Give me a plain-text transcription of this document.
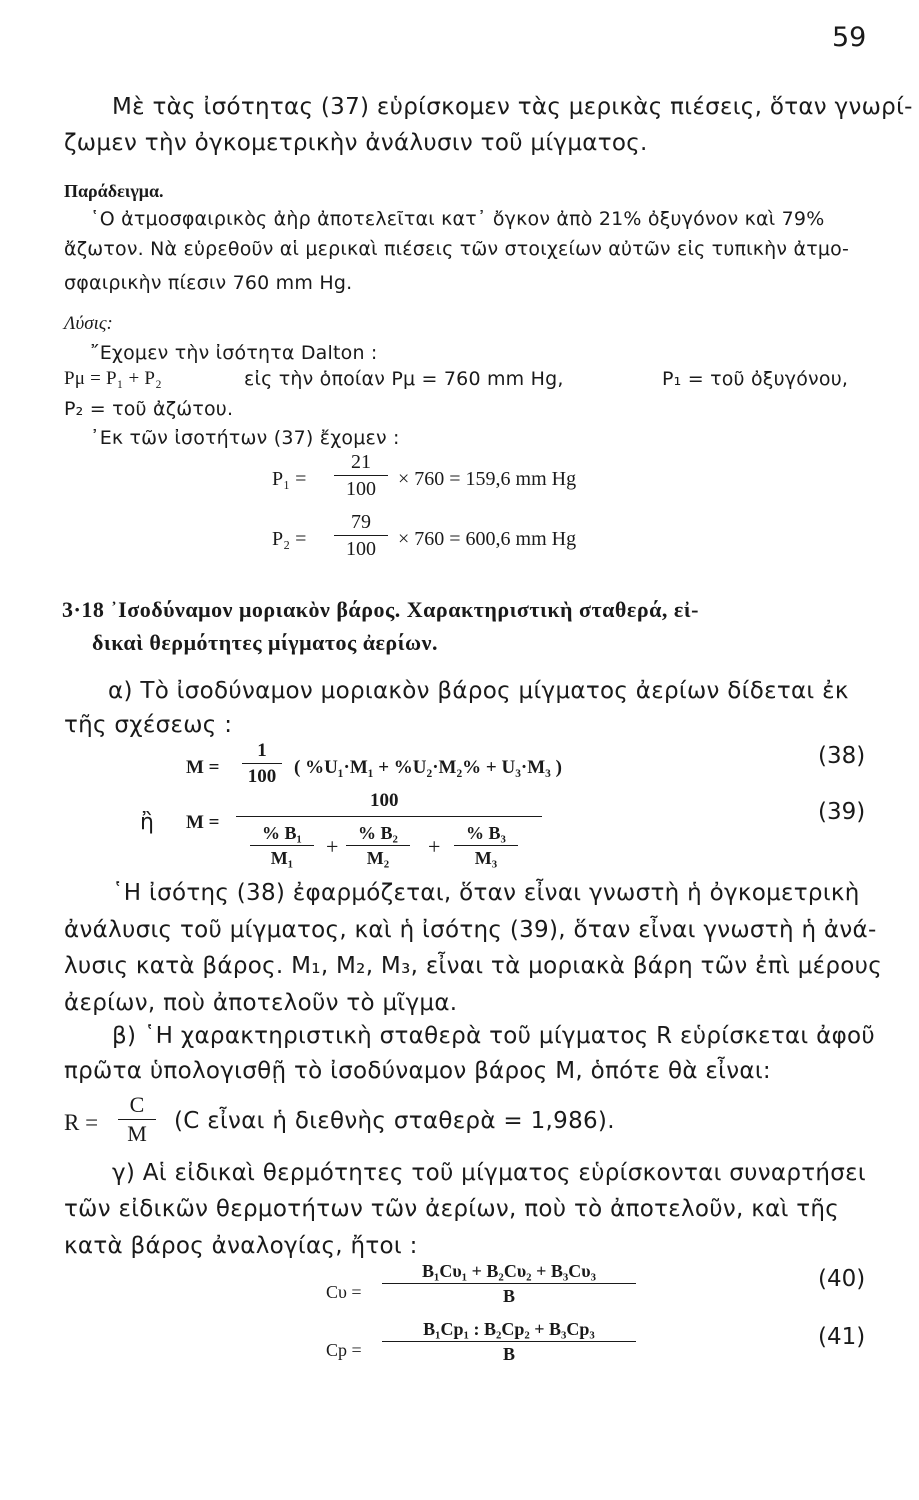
59
Μὲ τὰς ἰσότητας (37) εὑρίσκομεν τὰς μερικὰς πιέσεις, ὅταν γνωρί-
ζωμεν τὴν ὀγκομετρικὴν ἀνάλυσιν τοῦ μίγματος.
Παράδειγμα.
῾Ο ἀτμοσφαιρικὸς ἀὴρ ἀποτελεῖται κατ᾿ ὄγκον ἀπὸ 21% ὀξυγόνον καὶ 79%
ἄζωτον. Νὰ εὑρεθοῦν αἱ μερικαὶ πιέσεις τῶν στοιχείων αὐτῶν εἰς τυπικὴν ἀτμο-
σφαιρικὴν πίεσιν 760 mm Hg.
Λύσις:
῎Εχομεν τὴν ἰσότητα Dalton :
Pμ = P₁ + P₂	εἰς τὴν ὁποίαν Pμ = 760 mm Hg,	P₁ = τοῦ ὀξυγόνου,
P₂ = τοῦ ἀζώτου.
᾿Εκ τῶν ἰσοτήτων (37) ἔχομεν :
P₁ =
21
100	× 760 = 159,6 mm Hg
P₂ =
79
100	× 760 = 600,6 mm Hg
3·18 ᾿Ισοδύναμον μοριακὸν βάρος. Χαρακτηριστικὴ σταθερά, εἰ-
δικαὶ θερμότητες μίγματος ἀερίων.
α) Τὸ ἰσοδύναμον μοριακὸν βάρος μίγματος ἀερίων δίδεται ἐκ
τῆς σχέσεως :
M =
1
100 ( %U₁·M₁ + %U₂·M₂% + U₃·M₃ )	(38)
ἢ M =
100
% B₁
M₁	+
% B₂
M₂	+
% B₃
M₃
(39)
῾Η ἰσότης (38) ἐφαρμόζεται, ὅταν εἶναι γνωστὴ ἡ ὀγκομετρικὴ
ἀνάλυσις τοῦ μίγματος, καὶ ἡ ἰσότης (39), ὅταν εἶναι γνωστὴ ἡ ἀνά-
λυσις κατὰ βάρος. M₁, M₂, M₃, εἶναι τὰ μοριακὰ βάρη τῶν ἐπὶ μέρους
ἀερίων, ποὺ ἀποτελοῦν τὸ μῖγμα.
β) ῾Η χαρακτηριστικὴ σταθερὰ τοῦ μίγματος R εὑρίσκεται ἀφοῦ
πρῶτα ὑπολογισθῇ τὸ ἰσοδύναμον βάρος M, ὁπότε θὰ εἶναι:
R =
C
M	(C εἶναι ἡ διεθνὴς σταθερὰ = 1,986).
γ) Αἱ εἰδικαὶ θερμότητες τοῦ μίγματος εὑρίσκονται συναρτήσει
τῶν εἰδικῶν θερμοτήτων τῶν ἀερίων, ποὺ τὸ ἀποτελοῦν, καὶ τῆς
κατὰ βάρος ἀναλογίας, ἤτοι :
Cυ =
B₁Cυ₁ + B₂Cυ₂ + B₃Cυ₃
B
(40)
Cp =
B₁Cp₁ : B₂Cp₂ + B₃Cp₃
B
(41)
